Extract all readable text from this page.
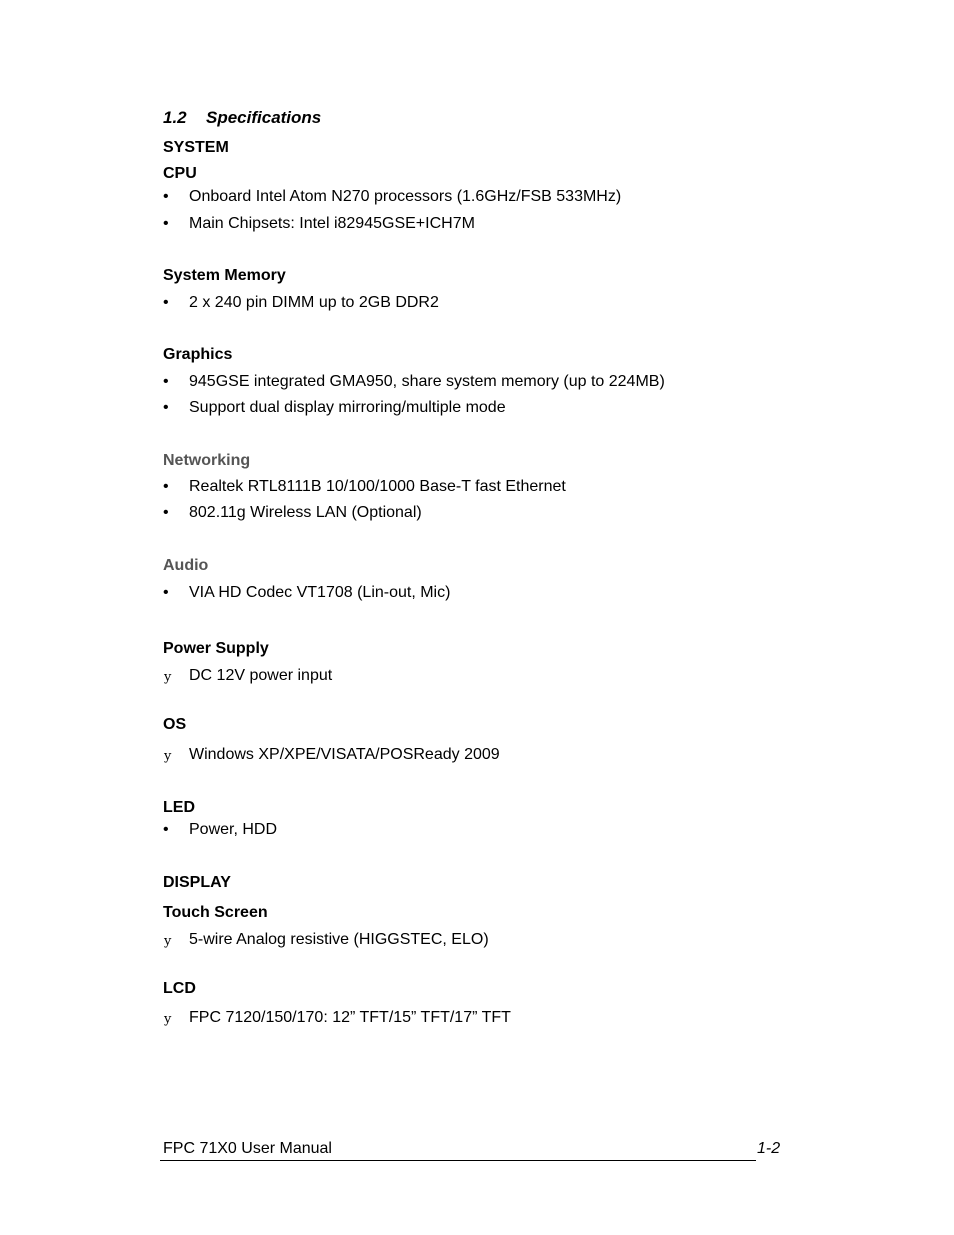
1.2 Specifications
SYSTEM
CPU
•	Onboard Intel Atom N270 processors (1.6GHz/FSB 533MHz)
•	Main Chipsets: Intel i82945GSE+ICH7M
System Memory
•	2 x 240 pin DIMM up to 2GB DDR2
Graphics
•	945GSE integrated GMA950, share system memory (up to 224MB)
•	Support dual display mirroring/multiple mode
Networking
•	Realtek RTL8111B 10/100/1000 Base-T fast Ethernet
•	802.11g Wireless LAN (Optional)
Audio
•	VIA HD Codec VT1708 (Lin-out, Mic)
Power Supply
y	DC 12V power input
OS
y	Windows XP/XPE/VISATA/POSReady 2009
LED
•	Power, HDD
DISPLAY
Touch Screen
y	5-wire Analog resistive (HIGGSTEC, ELO)
LCD
y	FPC 7120/150/170: 12” TFT/15” TFT/17” TFT
FPC 71X0 User Manual	1-2
